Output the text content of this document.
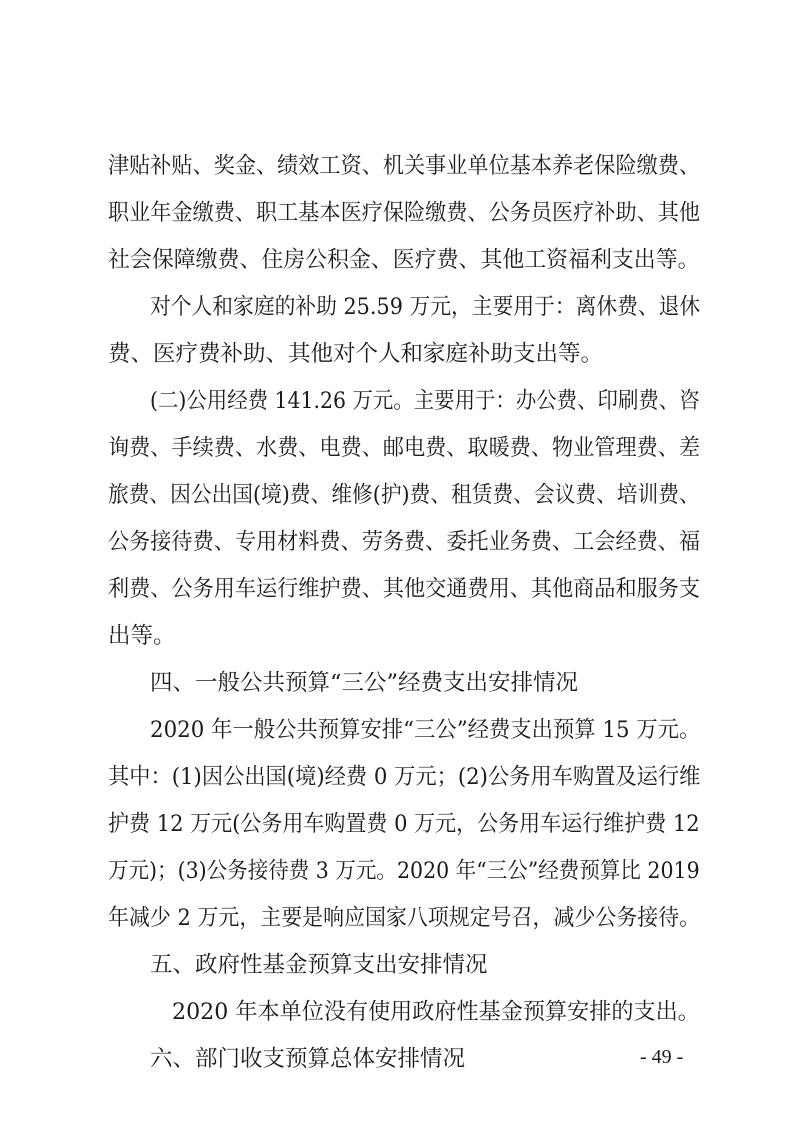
津贴补贴、奖金、绩效工资、机关事业单位基本养老保险缴费、
职业年金缴费、职工基本医疗保险缴费、公务员医疗补助、其他
社会保障缴费、住房公积金、医疗费、其他工资福利支出等。
对个人和家庭的补助 25.59 万元，主要用于：离休费、退休
费、医疗费补助、其他对个人和家庭补助支出等。
(二)公用经费 141.26 万元。主要用于：办公费、印刷费、咨
询费、手续费、水费、电费、邮电费、取暖费、物业管理费、差
旅费、因公出国(境)费、维修(护)费、租赁费、会议费、培训费、
公务接待费、专用材料费、劳务费、委托业务费、工会经费、福
利费、公务用车运行维护费、其他交通费用、其他商品和服务支
出等。
四、一般公共预算“三公”经费支出安排情况
2020 年一般公共预算安排“三公”经费支出预算 15 万元。
其中：(1)因公出国(境)经费 0 万元；(2)公务用车购置及运行维
护费 12 万元(公务用车购置费 0 万元，公务用车运行维护费 12
万元)；(3)公务接待费 3 万元。2020 年“三公”经费预算比 2019
年减少 2 万元，主要是响应国家八项规定号召，减少公务接待。
五、政府性基金预算支出安排情况
2020 年本单位没有使用政府性基金预算安排的支出。
六、部门收支预算总体安排情况	- 49 -
